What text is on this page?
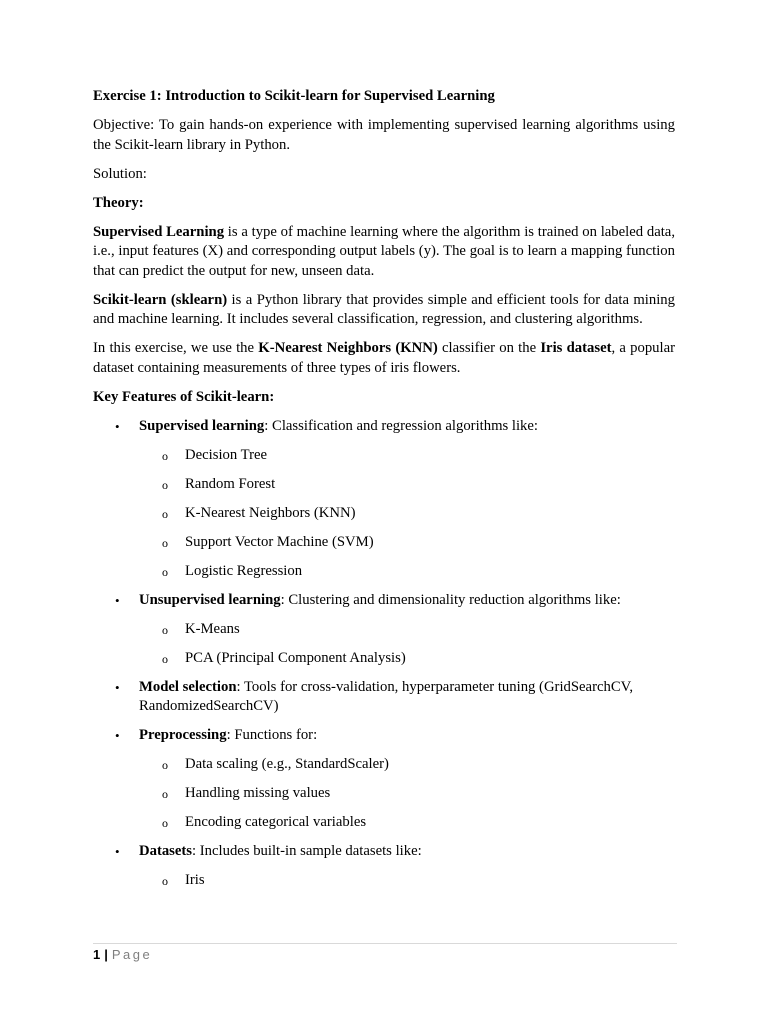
Exercise 1: Introduction to Scikit-learn for Supervised Learning

Objective: To gain hands-on experience with implementing supervised learning algorithms using the Scikit-learn library in Python.

Solution:

Theory:

Supervised Learning is a type of machine learning where the algorithm is trained on labeled data, i.e., input features (X) and corresponding output labels (y). The goal is to learn a mapping function that can predict the output for new, unseen data.

Scikit-learn (sklearn) is a Python library that provides simple and efficient tools for data mining and machine learning. It includes several classification, regression, and clustering algorithms.

In this exercise, we use the K-Nearest Neighbors (KNN) classifier on the Iris dataset, a popular dataset containing measurements of three types of iris flowers.

Key Features of Scikit-learn:

• Supervised learning: Classification and regression algorithms like:
o Decision Tree
o Random Forest
o K-Nearest Neighbors (KNN)
o Support Vector Machine (SVM)
o Logistic Regression
• Unsupervised learning: Clustering and dimensionality reduction algorithms like:
o K-Means
o PCA (Principal Component Analysis)
• Model selection: Tools for cross-validation, hyperparameter tuning (GridSearchCV, RandomizedSearchCV)
• Preprocessing: Functions for:
o Data scaling (e.g., StandardScaler)
o Handling missing values
o Encoding categorical variables
• Datasets: Includes built-in sample datasets like:
o Iris
1 | Page
